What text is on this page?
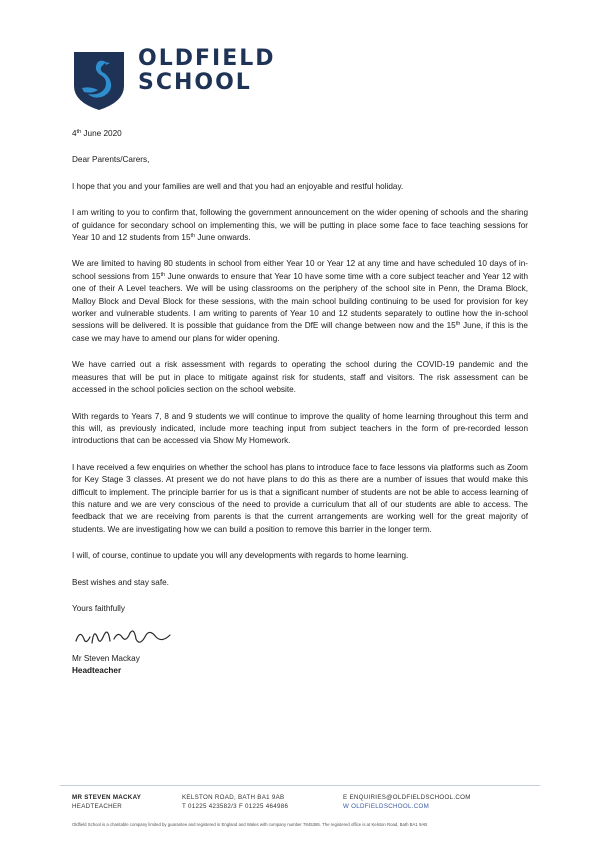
OLDFIELD
SCHOOL

4th June 2020

Dear Parents/Carers,

I hope that you and your families are well and that you had an enjoyable and restful holiday.

I am writing to you to confirm that, following the government announcement on the wider opening of schools and the sharing of guidance for secondary school on implementing this, we will be putting in place some face to face teaching sessions for Year 10 and 12 students from 15th June onwards.

We are limited to having 80 students in school from either Year 10 or Year 12 at any time and have scheduled 10 days of in-school sessions from 15th June onwards to ensure that Year 10 have some time with a core subject teacher and Year 12 with one of their A Level teachers. We will be using classrooms on the periphery of the school site in Penn, the Drama Block, Malloy Block and Deval Block for these sessions, with the main school building continuing to be used for provision for key worker and vulnerable students. I am writing to parents of Year 10 and 12 students separately to outline how the in-school sessions will be delivered. It is possible that guidance from the DfE will change between now and the 15th June, if this is the case we may have to amend our plans for wider opening.

We have carried out a risk assessment with regards to operating the school during the COVID-19 pandemic and the measures that will be put in place to mitigate against risk for students, staff and visitors. The risk assessment can be accessed in the school policies section on the school website.

With regards to Years 7, 8 and 9 students we will continue to improve the quality of home learning throughout this term and this will, as previously indicated, include more teaching input from subject teachers in the form of pre-recorded lesson introductions that can be accessed via Show My Homework.

I have received a few enquiries on whether the school has plans to introduce face to face lessons via platforms such as Zoom for Key Stage 3 classes. At present we do not have plans to do this as there are a number of issues that would make this difficult to implement. The principle barrier for us is that a significant number of students are not be able to access learning of this nature and we are very conscious of the need to provide a curriculum that all of our students are able to access. The feedback that we are receiving from parents is that the current arrangements are working well for the great majority of students. We are investigating how we can build a position to remove this barrier in the longer term.

I will, of course, continue to update you will any developments with regards to home learning.

Best wishes and stay safe.

Yours faithfully

Mr Steven Mackay

Headteacher

MR STEVEN MACKAY
HEADTEACHER
KELSTON ROAD, BATH BA1 9AB
T 01225 423582/3 F 01225 464986
E ENQUIRIES@OLDFIELDSCHOOL.COM
W OLDFIELDSCHOOL.COM
Oldfield School is a charitable company limited by guarantee and registered in England and Wales with company number 7845365. The registered office is at Kelston Road, Bath BA1 9AB
